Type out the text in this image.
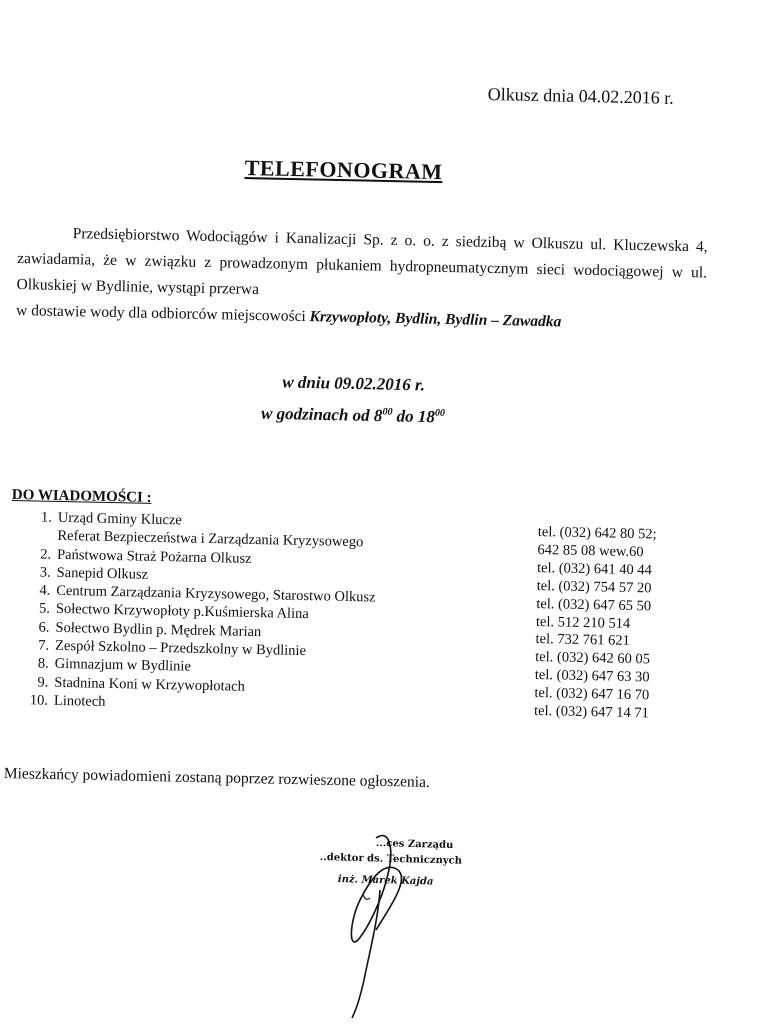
Olkusz dnia 04.02.2016 r.
TELEFONOGRAM

Przedsiębiorstwo Wodociągów i Kanalizacji Sp. z o. o. z siedzibą w Olkuszu ul. Kluczewska 4, zawiadamia, że w związku z prowadzonym płukaniem hydropneumatycznym sieci wodociągowej w ul. Olkuskiej w Bydlinie, wystąpi przerwa

w dostawie wody dla odbiorców miejscowości Krzywopłoty, Bydlin, Bydlin – Zawadka

w dniu 09.02.2016 r.
w godzinach od $8^{00}$ do $18^{00}$
DO WIADOMOŚCI :
1. Urząd Gminy Klucze
Referat Bezpieczeństwa i Zarządzania Kryzysowego
2. Państwowa Straż Pożarna Olkusz
3. Sanepid Olkusz
4. Centrum Zarządzania Kryzysowego, Starostwo Olkusz
5. Sołectwo Krzywopłoty p.Kuśmierska Alina
6. Sołectwo Bydlin p. Mędrek Marian
7. Zespół Szkolno – Przedszkolny w Bydlinie
8. Gimnazjum w Bydlinie
9. Stadnina Koni w Krzywopłotach
10. Linotech
tel. (032) 642 80 52;
642 85 08 wew.60
tel. (032) 641 40 44
tel. (032) 754 57 20
tel. (032) 647 65 50
tel. 512 210 514
tel. 732 761 621
tel. (032) 642 60 05
tel. (032) 647 63 30
tel. (032) 647 16 70
tel. (032) 647 14 71
Mieszkańcy powiadomieni zostaną poprzez rozwieszone ogłoszenia.
...ces Zarządu
..dektor ds. Technicznych
inż. Marek Kajda
